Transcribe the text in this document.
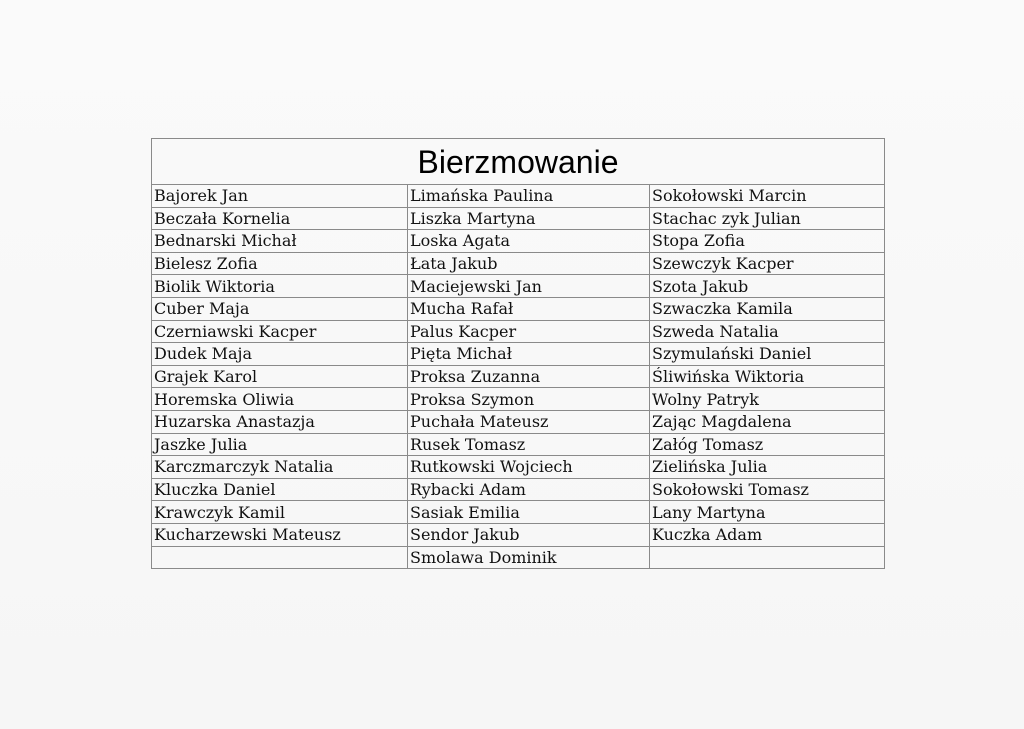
Bierzmowanie		
Bajorek Jan	Limańska Paulina	Sokołowski Marcin
Beczała Kornelia	Liszka Martyna	Stachac zyk Julian
Bednarski Michał	Loska Agata	Stopa Zofia
Bielesz Zofia	Łata Jakub	Szewczyk Kacper
Biolik Wiktoria	Maciejewski Jan	Szota Jakub
Cuber Maja	Mucha Rafał	Szwaczka Kamila
Czerniawski Kacper	Palus Kacper	Szweda Natalia
Dudek Maja	Pięta Michał	Szymulański Daniel
Grajek Karol	Proksa Zuzanna	Śliwińska Wiktoria
Horemska Oliwia	Proksa Szymon	Wolny Patryk
Huzarska Anastazja	Puchała Mateusz	Zając Magdalena
Jaszke Julia	Rusek Tomasz	Załóg Tomasz
Karczmarczyk Natalia	Rutkowski Wojciech	Zielińska Julia
Kluczka Daniel	Rybacki Adam	Sokołowski Tomasz
Krawczyk Kamil	Sasiak Emilia	Lany Martyna
Kucharzewski Mateusz	Sendor Jakub	Kuczka Adam
	Smolawa Dominik	
